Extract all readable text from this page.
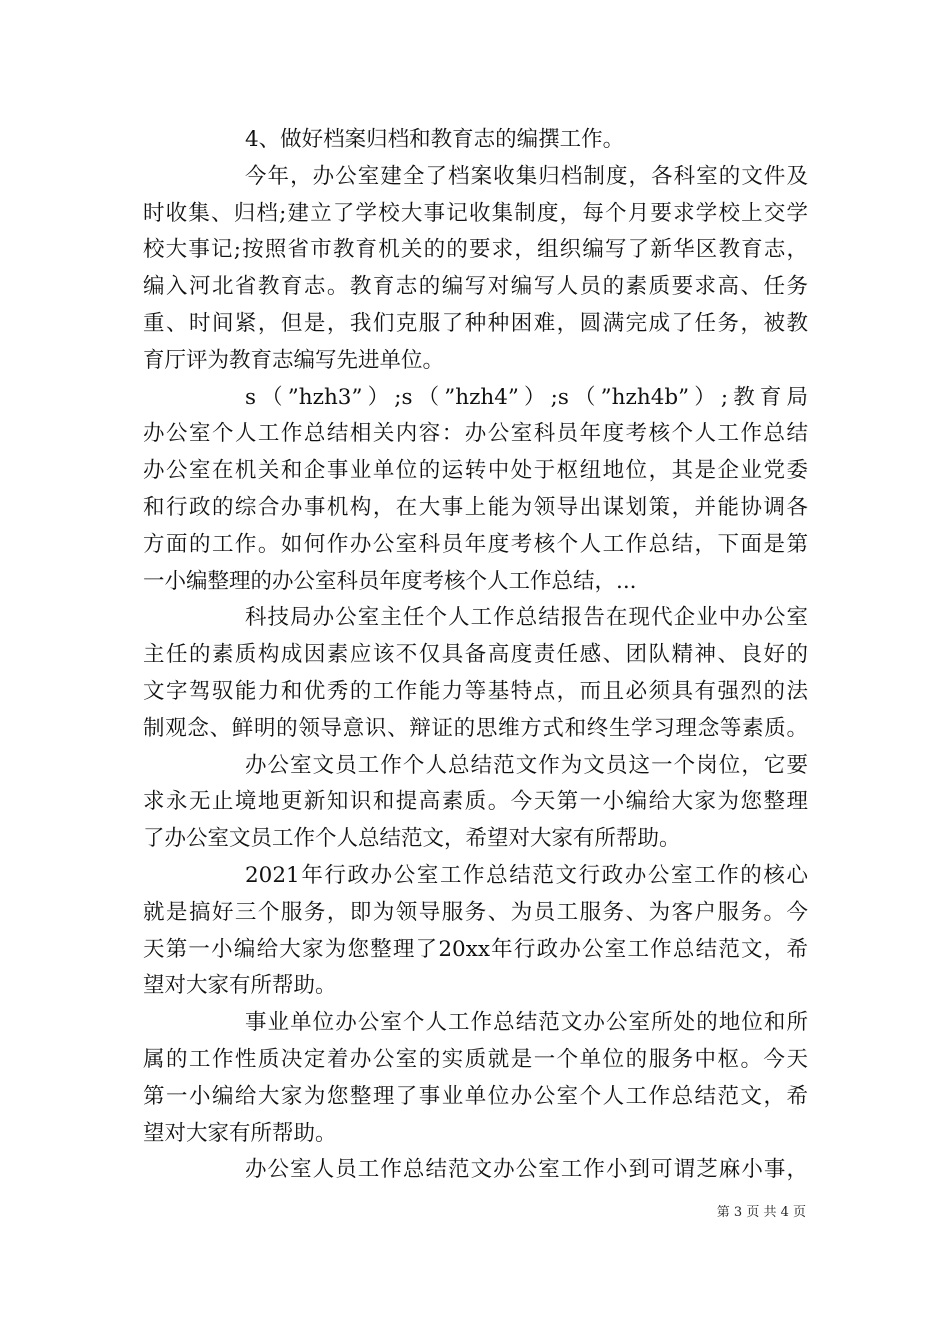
4、做好档案归档和教育志的编撰工作。
今年，办公室建全了档案收集归档制度，各科室的文件及
时收集、归档;建立了学校大事记收集制度，每个月要求学校上交学
校大事记;按照省市教育机关的的要求，组织编写了新华区教育志，
编入河北省教育志。教育志的编写对编写人员的素质要求高、任务
重、时间紧，但是，我们克服了种种困难，圆满完成了任务，被教
育厅评为教育志编写先进单位。
s（”hzh3”）;s（”hzh4”）;s（”hzh4b”）;教育局
办公室个人工作总结相关内容：办公室科员年度考核个人工作总结
办公室在机关和企事业单位的运转中处于枢纽地位，其是企业党委
和行政的综合办事机构，在大事上能为领导出谋划策，并能协调各
方面的工作。如何作办公室科员年度考核个人工作总结，下面是第
一小编整理的办公室科员年度考核个人工作总结，...
科技局办公室主任个人工作总结报告在现代企业中办公室
主任的素质构成因素应该不仅具备高度责任感、团队精神、良好的
文字驾驭能力和优秀的工作能力等基特点，而且必须具有强烈的法
制观念、鲜明的领导意识、辩证的思维方式和终生学习理念等素质。
办公室文员工作个人总结范文作为文员这一个岗位，它要
求永无止境地更新知识和提高素质。今天第一小编给大家为您整理
了办公室文员工作个人总结范文，希望对大家有所帮助。
2021年行政办公室工作总结范文行政办公室工作的核心
就是搞好三个服务，即为领导服务、为员工服务、为客户服务。今
天第一小编给大家为您整理了20xx年行政办公室工作总结范文，希
望对大家有所帮助。
事业单位办公室个人工作总结范文办公室所处的地位和所
属的工作性质决定着办公室的实质就是一个单位的服务中枢。今天
第一小编给大家为您整理了事业单位办公室个人工作总结范文，希
望对大家有所帮助。
办公室人员工作总结范文办公室工作小到可谓芝麻小事，
第 3 页 共 4 页
